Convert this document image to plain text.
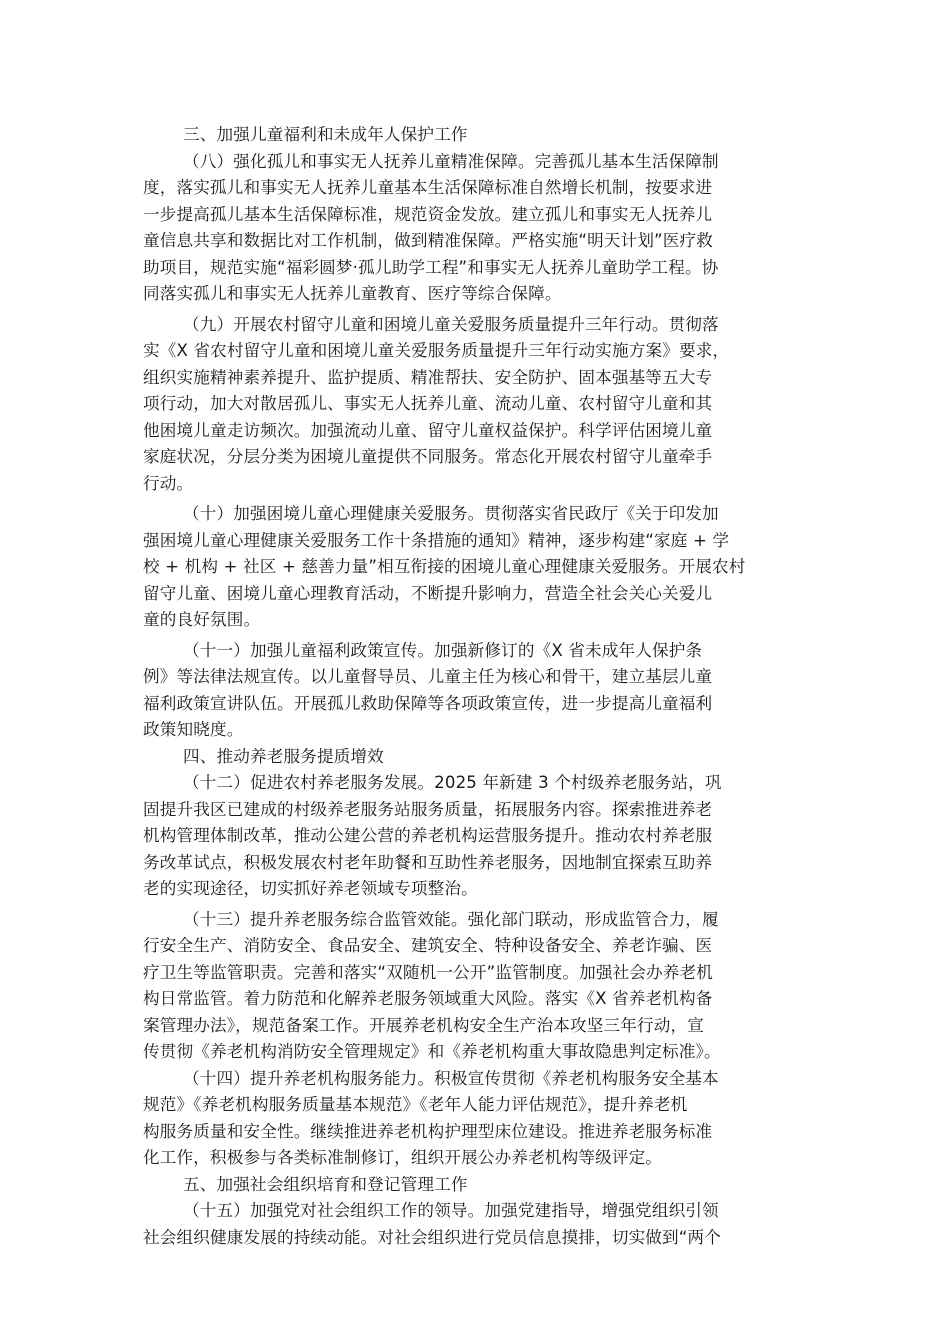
三、加强儿童福利和未成年人保护工作
（八）强化孤儿和事实无人抚养儿童精准保障。完善孤儿基本生活保障制
度，落实孤儿和事实无人抚养儿童基本生活保障标准自然增长机制，按要求进
一步提高孤儿基本生活保障标准，规范资金发放。建立孤儿和事实无人抚养儿
童信息共享和数据比对工作机制，做到精准保障。严格实施“明天计划”医疗救
助项目，规范实施“福彩圆梦·孤儿助学工程”和事实无人抚养儿童助学工程。协
同落实孤儿和事实无人抚养儿童教育、医疗等综合保障。
（九）开展农村留守儿童和困境儿童关爱服务质量提升三年行动。贯彻落
实《X 省农村留守儿童和困境儿童关爱服务质量提升三年行动实施方案》要求，
组织实施精神素养提升、监护提质、精准帮扶、安全防护、固本强基等五大专
项行动，加大对散居孤儿、事实无人抚养儿童、流动儿童、农村留守儿童和其
他困境儿童走访频次。加强流动儿童、留守儿童权益保护。科学评估困境儿童
家庭状况，分层分类为困境儿童提供不同服务。常态化开展农村留守儿童牵手
行动。
（十）加强困境儿童心理健康关爱服务。贯彻落实省民政厅《关于印发加
强困境儿童心理健康关爱服务工作十条措施的通知》精神，逐步构建“家庭 + 学
校 + 机构 + 社区 + 慈善力量”相互衔接的困境儿童心理健康关爱服务。开展农村
留守儿童、困境儿童心理教育活动，不断提升影响力，营造全社会关心关爱儿
童的良好氛围。
（十一）加强儿童福利政策宣传。加强新修订的《X 省未成年人保护条
例》等法律法规宣传。以儿童督导员、儿童主任为核心和骨干，建立基层儿童
福利政策宣讲队伍。开展孤儿救助保障等各项政策宣传，进一步提高儿童福利
政策知晓度。
四、推动养老服务提质增效
（十二）促进农村养老服务发展。2025 年新建 3 个村级养老服务站，巩
固提升我区已建成的村级养老服务站服务质量，拓展服务内容。探索推进养老
机构管理体制改革，推动公建公营的养老机构运营服务提升。推动农村养老服
务改革试点，积极发展农村老年助餐和互助性养老服务，因地制宜探索互助养
老的实现途径，切实抓好养老领域专项整治。
（十三）提升养老服务综合监管效能。强化部门联动，形成监管合力，履
行安全生产、消防安全、食品安全、建筑安全、特种设备安全、养老诈骗、医
疗卫生等监管职责。完善和落实“双随机一公开”监管制度。加强社会办养老机
构日常监管。着力防范和化解养老服务领域重大风险。落实《X 省养老机构备
案管理办法》，规范备案工作。开展养老机构安全生产治本攻坚三年行动，宣
传贯彻《养老机构消防安全管理规定》和《养老机构重大事故隐患判定标准》。
（十四）提升养老机构服务能力。积极宣传贯彻《养老机构服务安全基本
规范》《养老机构服务质量基本规范》《老年人能力评估规范》，提升养老机
构服务质量和安全性。继续推进养老机构护理型床位建设。推进养老服务标准
化工作，积极参与各类标准制修订，组织开展公办养老机构等级评定。
五、加强社会组织培育和登记管理工作
（十五）加强党对社会组织工作的领导。加强党建指导，增强党组织引领
社会组织健康发展的持续动能。对社会组织进行党员信息摸排，切实做到“两个
